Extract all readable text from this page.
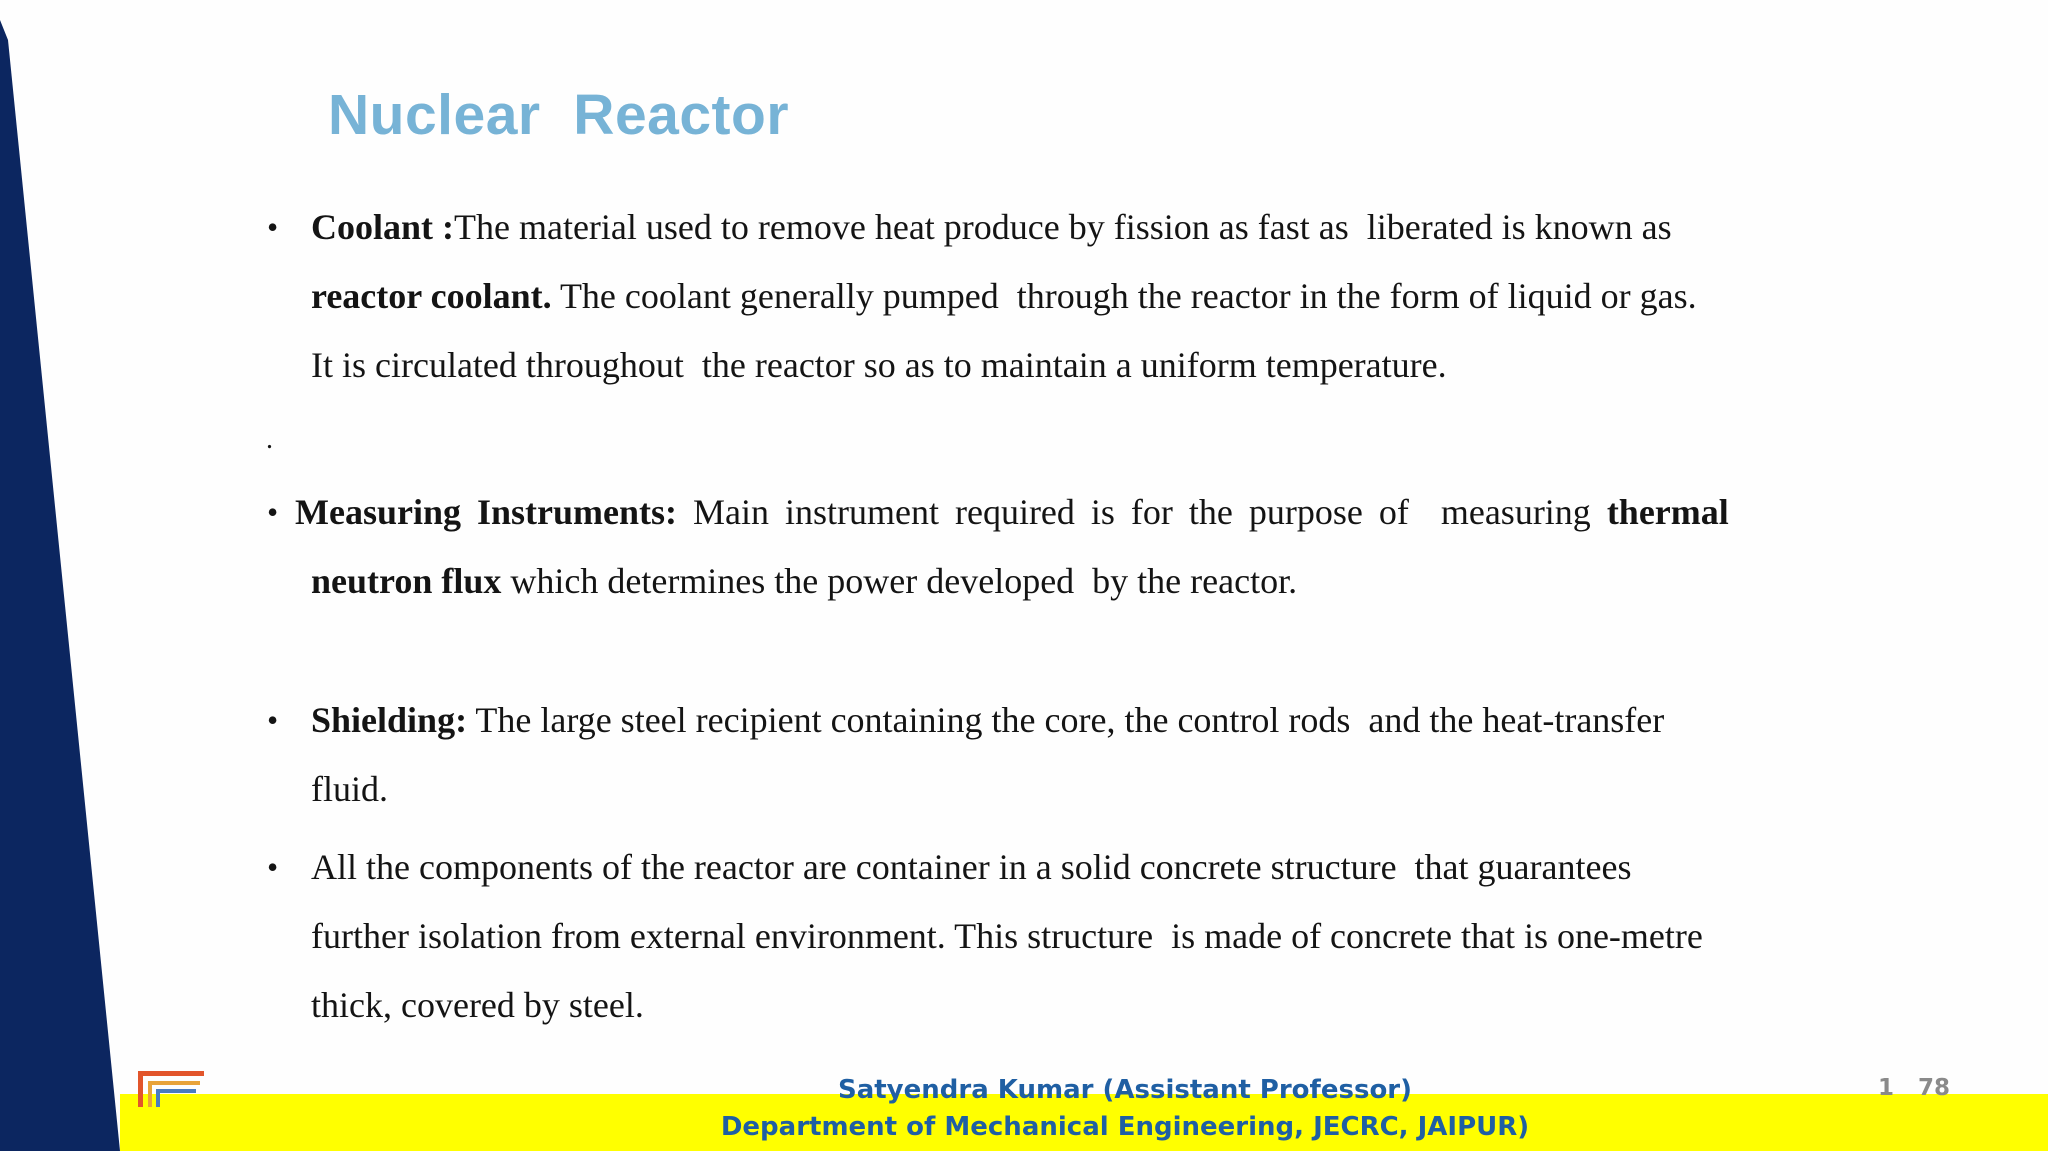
Nuclear  Reactor
• Coolant :The material used to remove heat produce by fission as fast as  liberated is known as

reactor coolant. The coolant generally pumped  through the reactor in the form of liquid or gas.

It is circulated throughout  the reactor so as to maintain a uniform temperature.

.
• Measuring Instruments: Main instrument required is for the purpose of  measuring thermal

neutron flux which determines the power developed  by the reactor.

• Shielding: The large steel recipient containing the core, the control rods  and the heat-transfer

fluid.

• All the components of the reactor are container in a solid concrete structure  that guarantees

further isolation from external environment. This structure  is made of concrete that is one-metre

thick, covered by steel.

Satyendra Kumar (Assistant Professor)
Department of Mechanical Engineering, JECRC, JAIPUR)
1   78
